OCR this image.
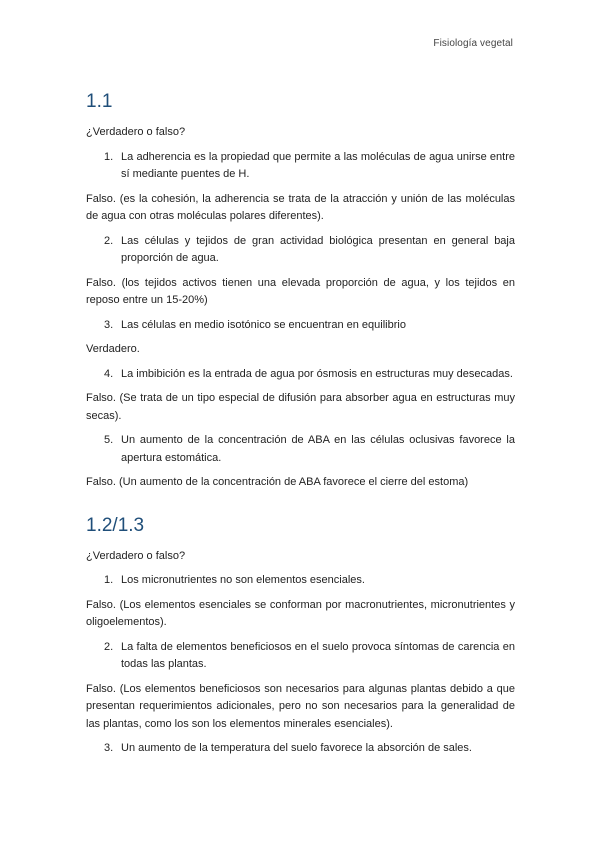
Fisiología vegetal
1.1

¿Verdadero o falso?

1. La adherencia es la propiedad que permite a las moléculas de agua unirse entre sí mediante puentes de H.

Falso. (es la cohesión, la adherencia se trata de la atracción y unión de las moléculas de agua con otras moléculas polares diferentes).

2. Las células y tejidos de gran actividad biológica presentan en general baja proporción de agua.

Falso. (los tejidos activos tienen una elevada proporción de agua, y los tejidos en reposo entre un 15-20%)

3. Las células en medio isotónico se encuentran en equilibrio

Verdadero.

4. La imbibición es la entrada de agua por ósmosis en estructuras muy desecadas.

Falso. (Se trata de un tipo especial de difusión para absorber agua en estructuras muy secas).

5. Un aumento de la concentración de ABA en las células oclusivas favorece la apertura estomática.

Falso. (Un aumento de la concentración de ABA favorece el cierre del estoma)

1.2/1.3

¿Verdadero o falso?

1. Los micronutrientes no son elementos esenciales.

Falso. (Los elementos esenciales se conforman por macronutrientes, micronutrientes y oligoelementos).

2. La falta de elementos beneficiosos en el suelo provoca síntomas de carencia en todas las plantas.

Falso. (Los elementos beneficiosos son necesarios para algunas plantas debido a que presentan requerimientos adicionales, pero no son necesarios para la generalidad de las plantas, como los son los elementos minerales esenciales).

3. Un aumento de la temperatura del suelo favorece la absorción de sales.
